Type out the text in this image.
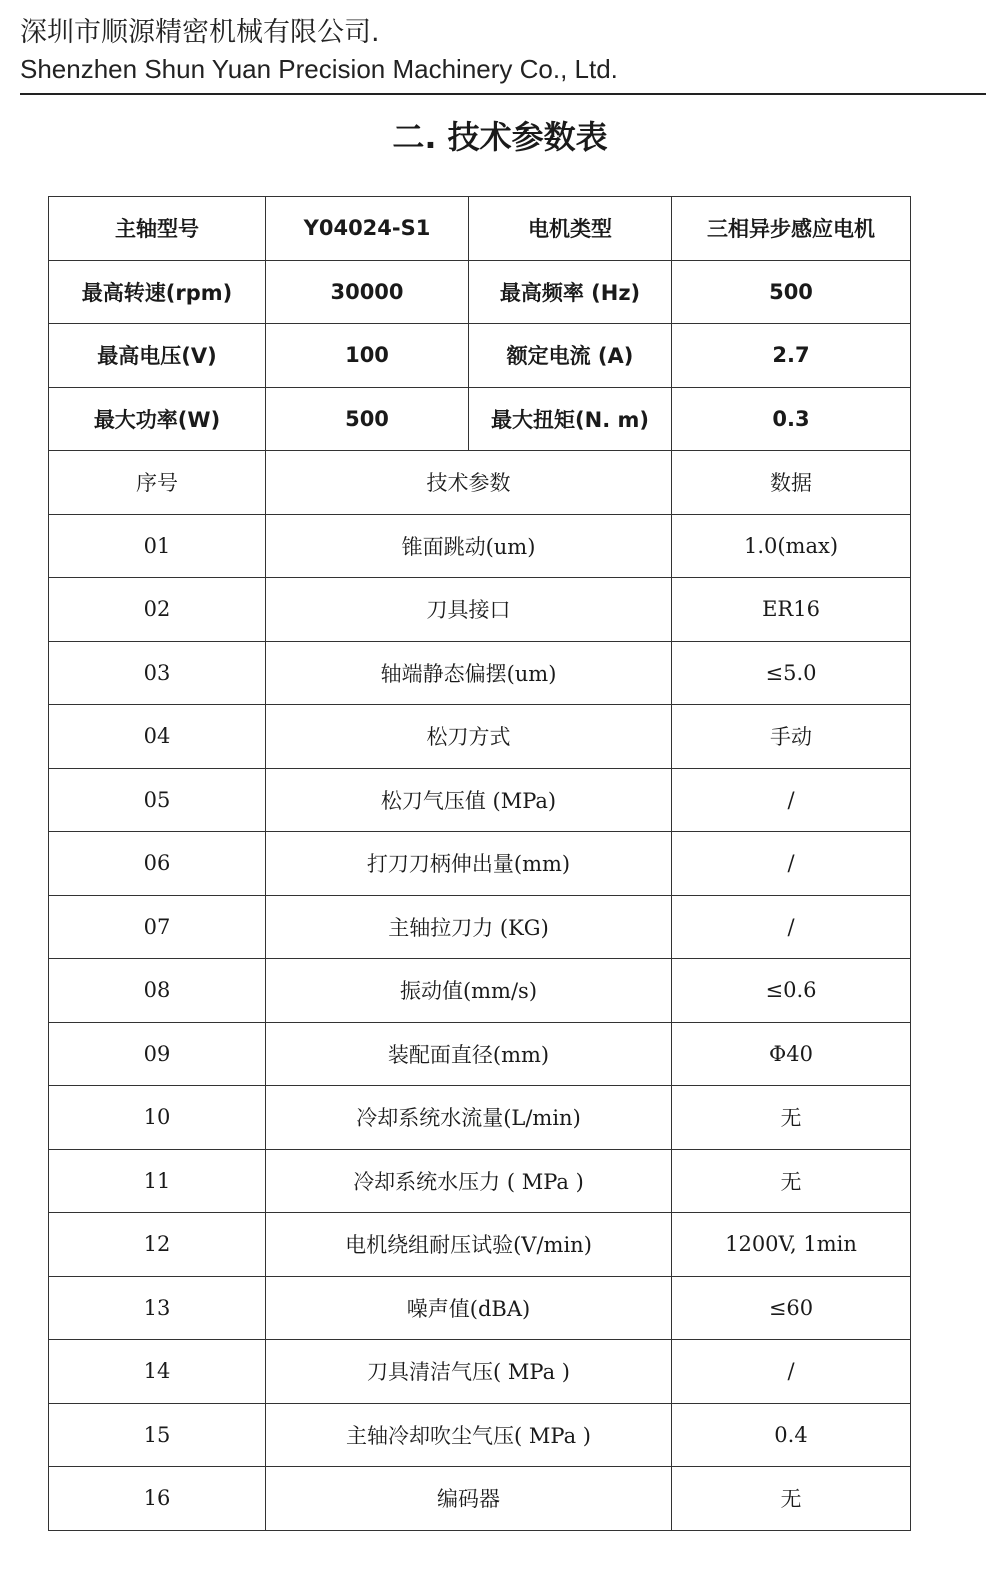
深圳市顺源精密机械有限公司.
Shenzhen Shun Yuan Precision Machinery Co., Ltd.
二. 技术参数表
主轴型号	Y04024-S1	电机类型	三相异步感应电机
最高转速(rpm)	30000	最高频率 (Hz)	500
最高电压(V)	100	额定电流 (A)	2.7
最大功率(W)	500	最大扭矩(N. m)	0.3
序号	技术参数		数据
01	锥面跳动(um)		1.0(max)
02	刀具接口		ER16
03	轴端静态偏摆(um)		≤5.0
04	松刀方式		手动
05	松刀气压值 (MPa)		/
06	打刀刀柄伸出量(mm)		/
07	主轴拉刀力 (KG)		/
08	振动值(mm/s)		≤0.6
09	装配面直径(mm)		Φ40
10	冷却系统水流量(L/min)		无
11	冷却系统水压力 ( MPa )		无
12	电机绕组耐压试验(V/min)		1200V, 1min
13	噪声值(dBA)		≤60
14	刀具清洁气压( MPa )		/
15	主轴冷却吹尘气压( MPa )		0.4
16	编码器		无
